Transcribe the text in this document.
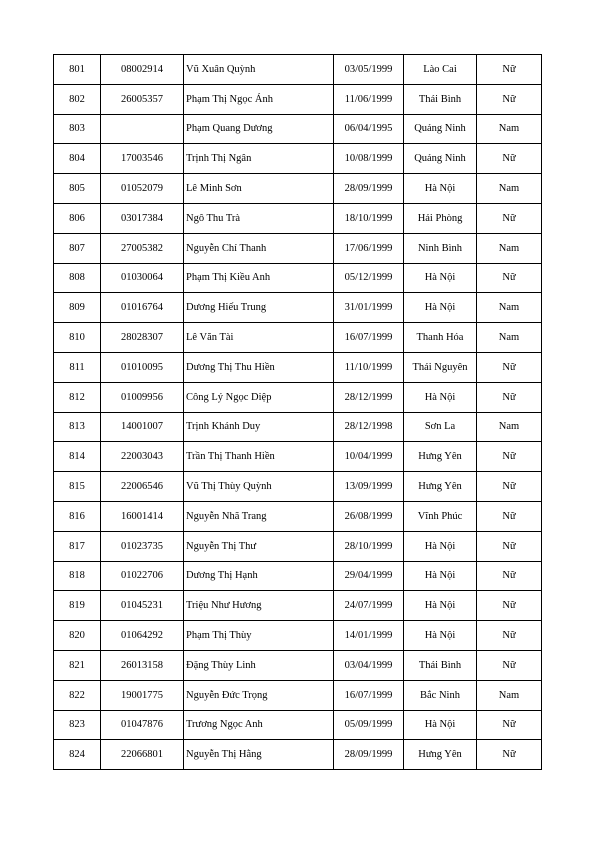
801	08002914	Vũ Xuân Quỳnh	03/05/1999	Lào Cai	Nữ
802	26005357	Phạm Thị Ngọc Ánh	11/06/1999	Thái Bình	Nữ
803		Phạm Quang Dương	06/04/1995	Quảng Ninh	Nam
804	17003546	Trịnh Thị Ngân	10/08/1999	Quảng Ninh	Nữ
805	01052079	Lê Minh Sơn	28/09/1999	Hà Nội	Nam
806	03017384	Ngô Thu Trà	18/10/1999	Hải Phòng	Nữ
807	27005382	Nguyễn Chí Thanh	17/06/1999	Ninh Bình	Nam
808	01030064	Phạm Thị Kiều Anh	05/12/1999	Hà Nội	Nữ
809	01016764	Dương Hiếu Trung	31/01/1999	Hà Nội	Nam
810	28028307	Lê Văn Tài	16/07/1999	Thanh Hóa	Nam
811	01010095	Dương Thị Thu Hiền	11/10/1999	Thái Nguyên	Nữ
812	01009956	Công Lý Ngọc Diệp	28/12/1999	Hà Nội	Nữ
813	14001007	Trịnh Khánh Duy	28/12/1998	Sơn La	Nam
814	22003043	Trần Thị Thanh Hiền	10/04/1999	Hưng Yên	Nữ
815	22006546	Vũ Thị Thùy Quỳnh	13/09/1999	Hưng Yên	Nữ
816	16001414	Nguyễn Nhã Trang	26/08/1999	Vĩnh Phúc	Nữ
817	01023735	Nguyễn Thị Thư	28/10/1999	Hà Nội	Nữ
818	01022706	Dương Thị Hạnh	29/04/1999	Hà Nội	Nữ
819	01045231	Triệu Như Hương	24/07/1999	Hà Nội	Nữ
820	01064292	Phạm Thị Thùy	14/01/1999	Hà Nội	Nữ
821	26013158	Đặng Thùy Linh	03/04/1999	Thái Bình	Nữ
822	19001775	Nguyễn Đức Trọng	16/07/1999	Bắc Ninh	Nam
823	01047876	Trương Ngọc Anh	05/09/1999	Hà Nội	Nữ
824	22066801	Nguyễn Thị Hằng	28/09/1999	Hưng Yên	Nữ
